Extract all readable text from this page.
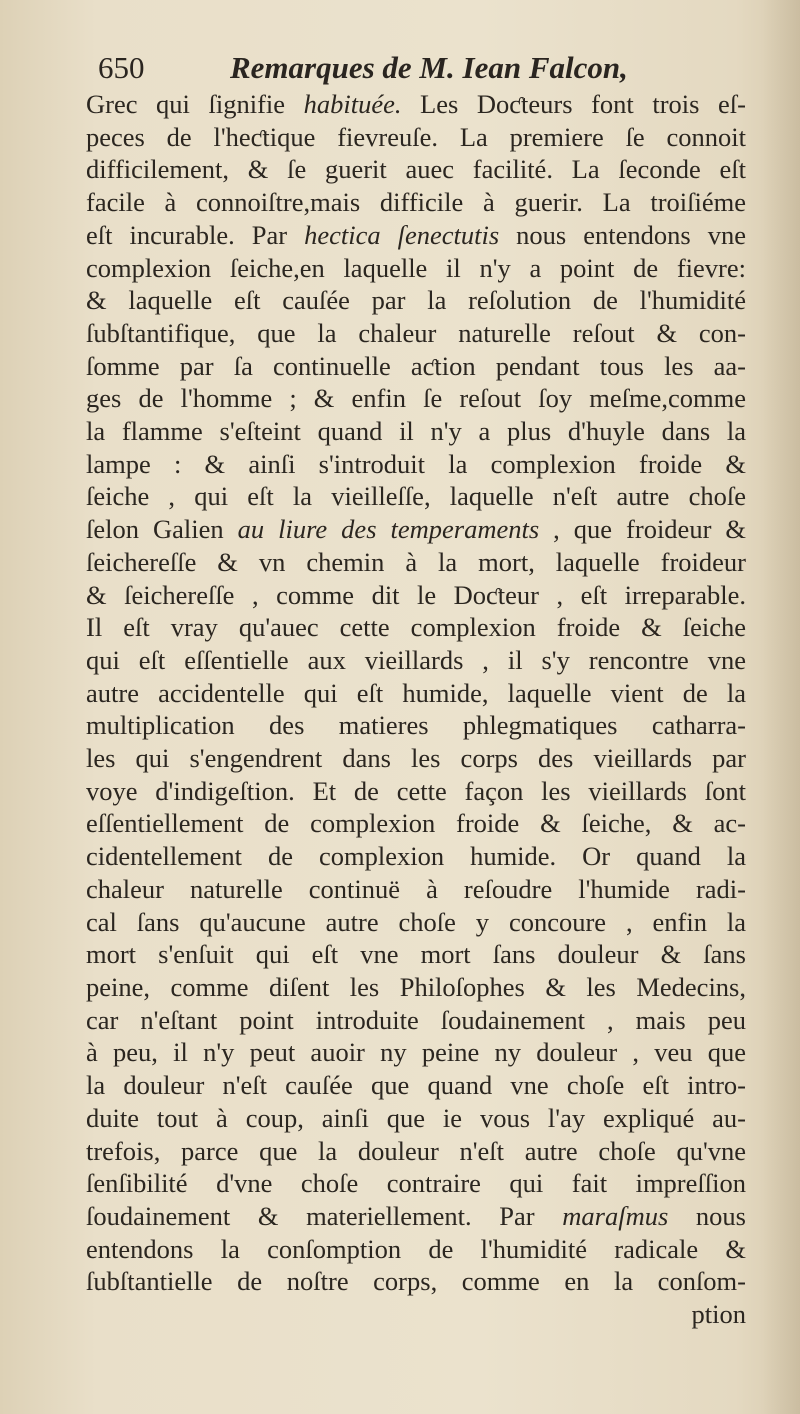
650	Remarques de M. Iean Falcon,

Grec qui ſignifie habituée. Les Doƈteurs font trois eſ-
peces de l'heƈtique fievreuſe. La premiere ſe connoit
difficilement, & ſe guerit auec facilité. La ſeconde eſt
facile à connoiſtre,mais difficile à guerir. La troiſiéme
eſt incurable. Par hectica ſenectutis nous entendons vne
complexion ſeiche,en laquelle il n'y a point de fievre:
& laquelle eſt cauſée par la reſolution de l'humidité
ſubſtantifique, que la chaleur naturelle reſout & con-
ſomme par ſa continuelle aƈtion pendant tous les aa-
ges de l'homme ; & enfin ſe reſout ſoy meſme,comme
la flamme s'eſteint quand il n'y a plus d'huyle dans la
lampe : & ainſi s'introduit la complexion froide &
ſeiche , qui eſt la vieilleſſe, laquelle n'eſt autre choſe
ſelon Galien au liure des temperaments , que froideur &
ſeichereſſe & vn chemin à la mort, laquelle froideur
& ſeichereſſe , comme dit le Doƈteur , eſt irreparable.
Il eſt vray qu'auec cette complexion froide & ſeiche
qui eſt eſſentielle aux vieillards , il s'y rencontre vne
autre accidentelle qui eſt humide, laquelle vient de la
multiplication des matieres phlegmatiques catharra-
les qui s'engendrent dans les corps des vieillards par
voye d'indigeſtion. Et de cette façon les vieillards ſont
eſſentiellement de complexion froide & ſeiche, & ac-
cidentellement de complexion humide. Or quand la
chaleur naturelle continuë à reſoudre l'humide radi-
cal ſans qu'aucune autre choſe y concoure , enfin la
mort s'enſuit qui eſt vne mort ſans douleur & ſans
peine, comme diſent les Philoſophes & les Medecins,
car n'eſtant point introduite ſoudainement , mais peu
à peu, il n'y peut auoir ny peine ny douleur , veu que
la douleur n'eſt cauſée que quand vne choſe eſt intro-
duite tout à coup, ainſi que ie vous l'ay expliqué au-
trefois, parce que la douleur n'eſt autre choſe qu'vne
ſenſibilité d'vne choſe contraire qui fait impreſſion
ſoudainement & materiellement. Par maraſmus nous
entendons la conſomption de l'humidité radicale &
ſubſtantielle de noſtre corps, comme en la conſom-
ption
